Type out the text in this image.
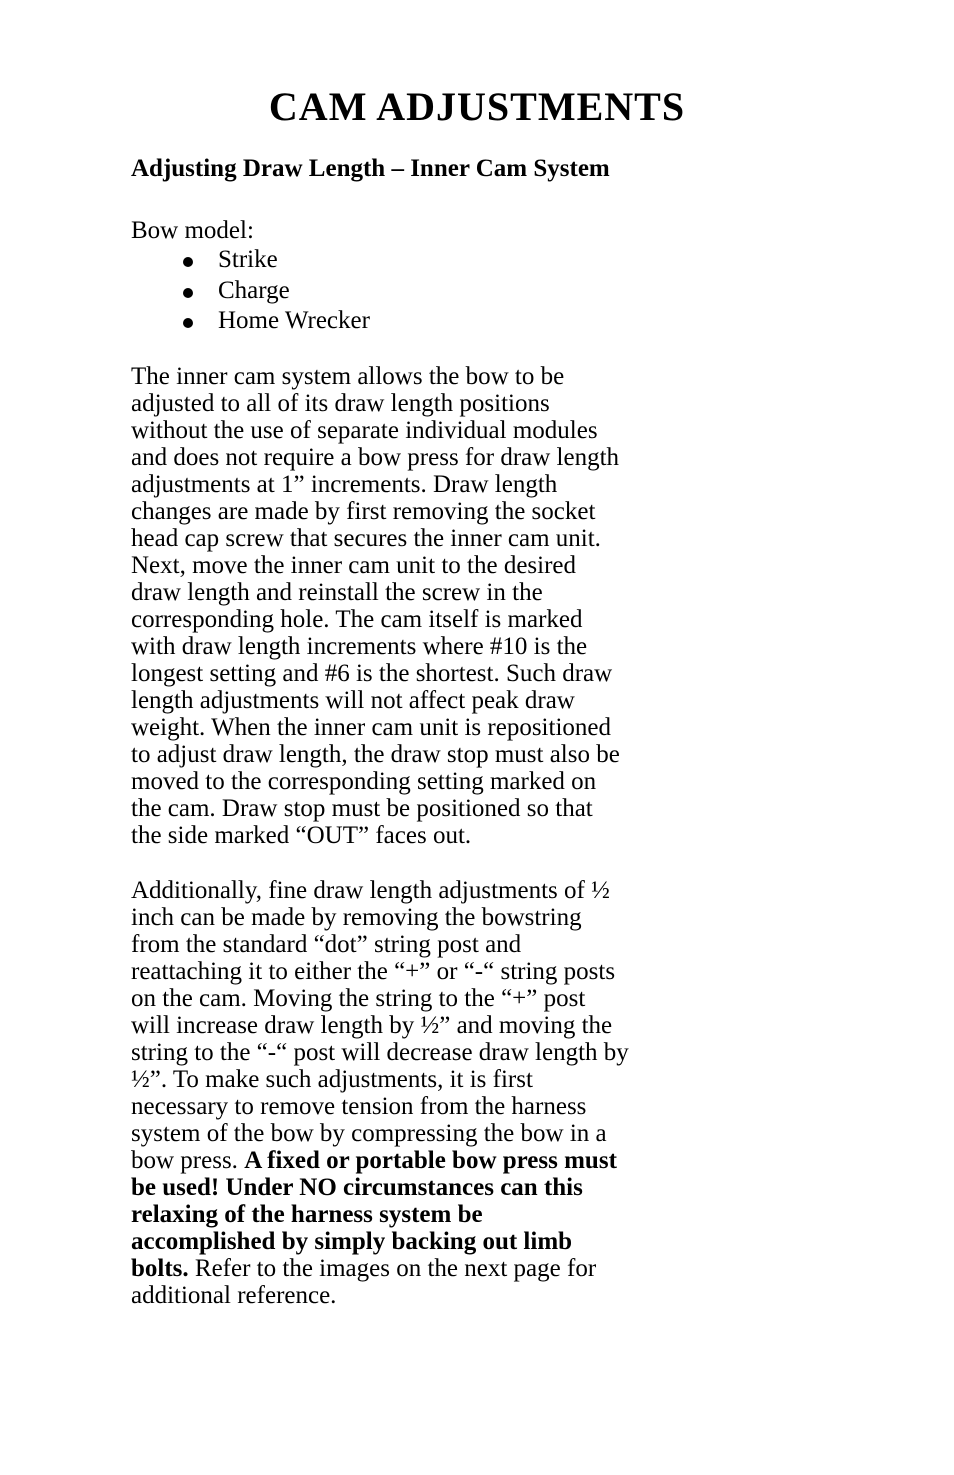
CAM ADJUSTMENTS
Adjusting Draw Length – Inner Cam System

Bow model:

Strike
Charge
Home Wrecker

The inner cam system allows the bow to be
adjusted to all of its draw length positions
without the use of separate individual modules
and does not require a bow press for draw length
adjustments at 1” increments. Draw length
changes are made by first removing the socket
head cap screw that secures the inner cam unit.
Next, move the inner cam unit to the desired
draw length and reinstall the screw in the
corresponding hole. The cam itself is marked
with draw length increments where #10 is the
longest setting and #6 is the shortest. Such draw
length adjustments will not affect peak draw
weight. When the inner cam unit is repositioned
to adjust draw length, the draw stop must also be
moved to the corresponding setting marked on
the cam. Draw stop must be positioned so that
the side marked “OUT” faces out.

Additionally, fine draw length adjustments of ½
inch can be made by removing the bowstring
from the standard “dot” string post and
reattaching it to either the “+” or “-“ string posts
on the cam. Moving the string to the “+” post
will increase draw length by ½” and moving the
string to the “-“ post will decrease draw length by
½”. To make such adjustments, it is first
necessary to remove tension from the harness
system of the bow by compressing the bow in a
bow press. A fixed or portable bow press must
be used! Under NO circumstances can this
relaxing of the harness system be
accomplished by simply backing out limb
bolts. Refer to the images on the next page for
additional reference.
